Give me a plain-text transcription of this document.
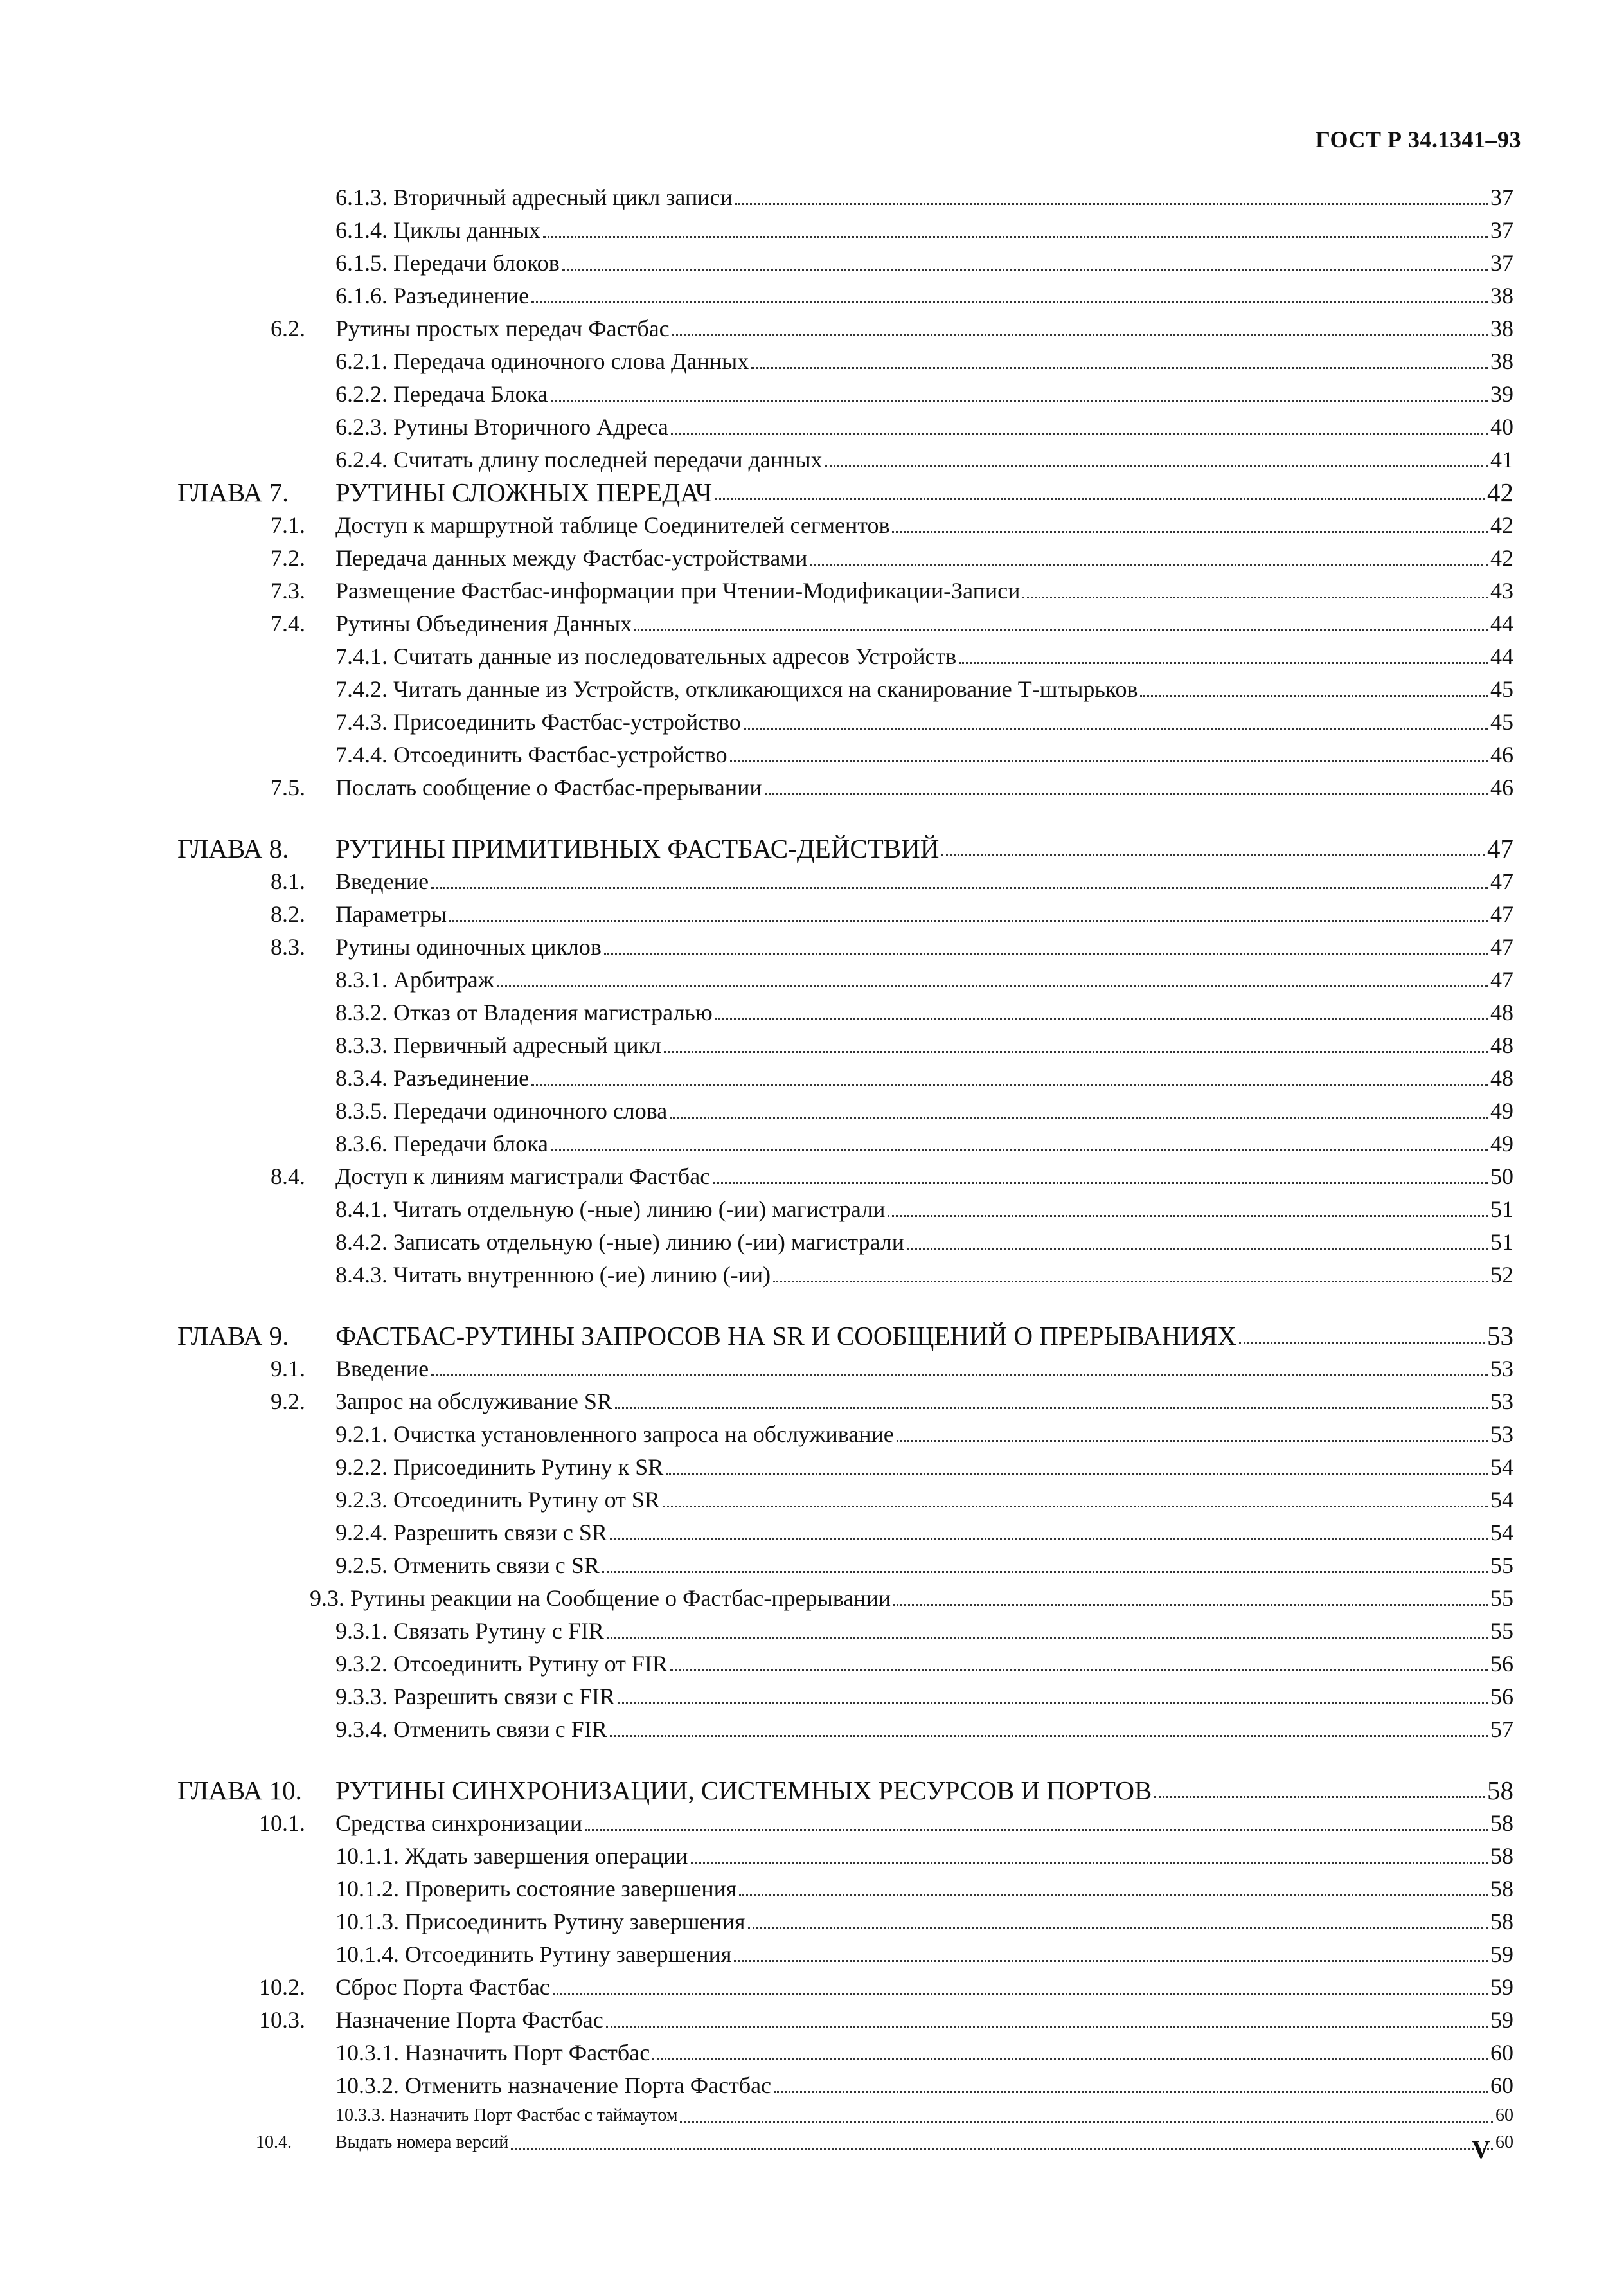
ГОСТ Р 34.1341–93
6.1.3. Вторичный адресный цикл записи	37
6.1.4. Циклы данных	37
6.1.5. Передачи блоков	37
6.1.6. Разъединение	38
6.2. Рутины простых передач Фастбас	38
6.2.1. Передача одиночного слова Данных	38
6.2.2. Передача Блока	39
6.2.3. Рутины Вторичного Адреса	40
6.2.4. Считать длину последней передачи данных	41
ГЛАВА 7. РУТИНЫ СЛОЖНЫХ ПЕРЕДАЧ	42
7.1. Доступ к маршрутной таблице Соединителей сегментов	42
7.2. Передача данных между Фастбас-устройствами	42
7.3. Размещение Фастбас-информации при Чтении-Модификации-Записи	43
7.4. Рутины Объединения Данных	44
7.4.1. Считать данные из последовательных адресов Устройств	44
7.4.2. Читать данные из Устройств, откликающихся на сканирование Т-штырьков	45
7.4.3. Присоединить Фастбас-устройство	45
7.4.4. Отсоединить Фастбас-устройство	46
7.5. Послать сообщение о Фастбас-прерывании	46
ГЛАВА 8. РУТИНЫ ПРИМИТИВНЫХ ФАСТБАС-ДЕЙСТВИЙ	47
8.1. Введение	47
8.2. Параметры	47
8.3. Рутины одиночных циклов	47
8.3.1. Арбитраж	47
8.3.2. Отказ от Владения магистралью	48
8.3.3. Первичный адресный цикл	48
8.3.4. Разъединение	48
8.3.5. Передачи одиночного слова	49
8.3.6. Передачи блока	49
8.4. Доступ к линиям магистрали Фастбас	50
8.4.1. Читать отдельную (-ные) линию (-ии) магистрали	51
8.4.2. Записать отдельную (-ные) линию (-ии) магистрали	51
8.4.3. Читать внутреннюю (-ие) линию (-ии)	52
ГЛАВА 9. ФАСТБАС-РУТИНЫ ЗАПРОСОВ НА SR И СООБЩЕНИЙ О ПРЕРЫВАНИЯХ	53
9.1. Введение	53
9.2. Запрос на обслуживание SR	53
9.2.1. Очистка установленного запроса на обслуживание	53
9.2.2. Присоединить Рутину к SR	54
9.2.3. Отсоединить Рутину от SR	54
9.2.4. Разрешить связи с SR	54
9.2.5. Отменить связи с SR	55
9.3. Рутины реакции на Сообщение о Фастбас-прерывании	55
9.3.1. Связать Рутину с FIR	55
9.3.2. Отсоединить Рутину от FIR	56
9.3.3. Разрешить связи с FIR	56
9.3.4. Отменить связи с FIR	57
ГЛАВА 10. РУТИНЫ СИНХРОНИЗАЦИИ, СИСТЕМНЫХ РЕСУРСОВ И ПОРТОВ	58
10.1. Средства синхронизации	58
10.1.1. Ждать завершения операции	58
10.1.2. Проверить состояние завершения	58
10.1.3. Присоединить Рутину завершения	58
10.1.4. Отсоединить Рутину завершения	59
10.2. Сброс Порта Фастбас	59
10.3. Назначение Порта Фастбас	59
10.3.1. Назначить Порт Фастбас	60
10.3.2. Отменить назначение Порта Фастбас	60
10.3.3. Назначить Порт Фастбас с таймаутом	60
10.4. Выдать номера версий	60
V
